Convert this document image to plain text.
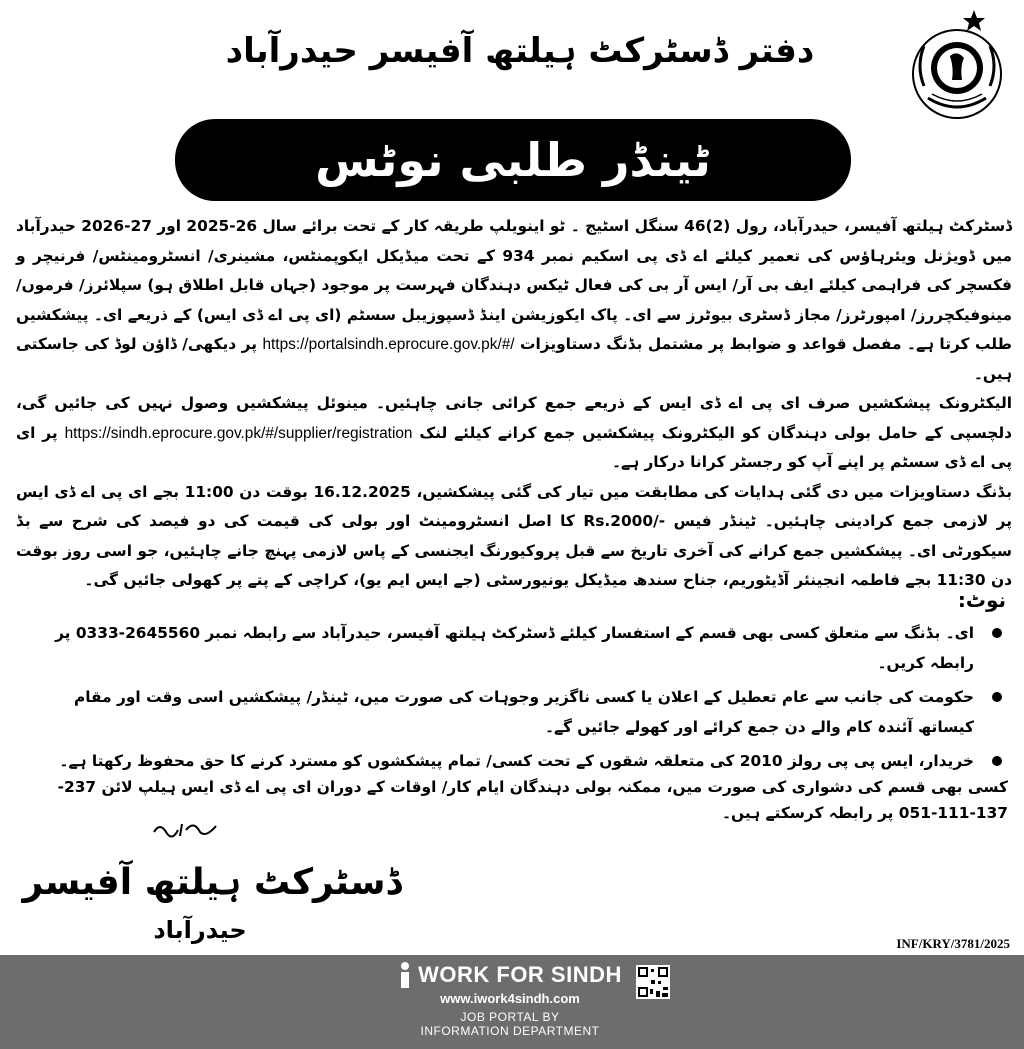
دفتر ڈسٹرکٹ ہیلتھ آفیسر حیدرآباد
ٹینڈر طلبی نوٹس

ڈسٹرکٹ ہیلتھ آفیسر، حیدرآباد، رول (2)46 سنگل اسٹیج ۔ ٹو اینویلپ طریقہ کار کے تحت برائے سال 26-2025 اور 27-2026 حیدرآباد میں ڈویژنل ویئرہاؤس کی تعمیر کیلئے اے ڈی پی اسکیم نمبر 934 کے تحت میڈیکل ایکوپمنٹس، مشینری/ انسٹرومینٹس/ فرنیچر و فکسچر کی فراہمی کیلئے ایف بی آر/ ایس آر بی کی فعال ٹیکس دہندگان فہرست پر موجود (جہاں قابل اطلاق ہو) سپلائرز/ فرموں/ مینوفیکچررز/ امپورٹرز/ مجاز ڈسٹری بیوٹرز سے ای۔ پاک ایکوزیشن اینڈ ڈسپوزیبل سسٹم (ای پی اے ڈی ایس) کے ذریعے ای۔ پیشکشیں طلب کرتا ہے۔ مفصل قواعد و ضوابط پر مشتمل بڈنگ دستاویزات https://portalsindh.eprocure.gov.pk/#/ پر دیکھی/ ڈاؤن لوڈ کی جاسکتی ہیں۔

الیکٹرونک پیشکشیں صرف ای پی اے ڈی ایس کے ذریعے جمع کرائی جانی چاہئیں۔ مینوئل پیشکشیں وصول نہیں کی جائیں گی، دلچسپی کے حامل بولی دہندگان کو الیکٹرونک پیشکشیں جمع کرانے کیلئے لنک https://sindh.eprocure.gov.pk/#/supplier/registration پر ای پی اے ڈی سسٹم پر اپنے آپ کو رجسٹر کرانا درکار ہے۔

بڈنگ دستاویزات میں دی گئی ہدایات کی مطابقت میں تیار کی گئی پیشکشیں، 16.12.2025 بوقت دن 11:00 بجے ای پی اے ڈی ایس پر لازمی جمع کرادینی چاہئیں۔ ٹینڈر فیس -/Rs.2000 کا اصل انسٹرومینٹ اور بولی کی قیمت کی دو فیصد کی شرح سے بڈ سیکورٹی ای۔ پیشکشیں جمع کرانے کی آخری تاریخ سے قبل پروکیورنگ ایجنسی کے پاس لازمی پہنچ جانے چاہئیں، جو اسی روز بوقت دن 11:30 بجے فاطمہ انجینئر آڈیٹوریم، جناح سندھ میڈیکل یونیورسٹی (جے ایس ایم یو)، کراچی کے پتے پر کھولی جائیں گی۔

نوٹ:
ای۔ بڈنگ سے متعلق کسی بھی قسم کے استفسار کیلئے ڈسٹرکٹ ہیلتھ آفیسر، حیدرآباد سے رابطہ نمبر 2645560-0333 پر رابطہ کریں۔
حکومت کی جانب سے عام تعطیل کے اعلان یا کسی ناگزیر وجوہات کی صورت میں، ٹینڈر/ پیشکشیں اسی وقت اور مقام کیساتھ آئندہ کام والے دن جمع کرائے اور کھولے جائیں گے۔
خریدار، ایس پی پی رولز 2010 کی متعلقہ شقوں کے تحت کسی/ تمام پیشکشوں کو مسترد کرنے کا حق محفوظ رکھتا ہے۔
کسی بھی قسم کی دشواری کی صورت میں، ممکنہ بولی دہندگان ایام کار/ اوقات کے دوران ای پی اے ڈی ایس ہیلپ لائن 237-137-111-051 پر رابطہ کرسکتے ہیں۔
ڈسٹرکٹ ہیلتھ آفیسر
حیدرآباد	INF/KRY/3781/2025
WORK FOR SINDH
www.iwork4sindh.com
JOB PORTAL BY
INFORMATION DEPARTMENT
